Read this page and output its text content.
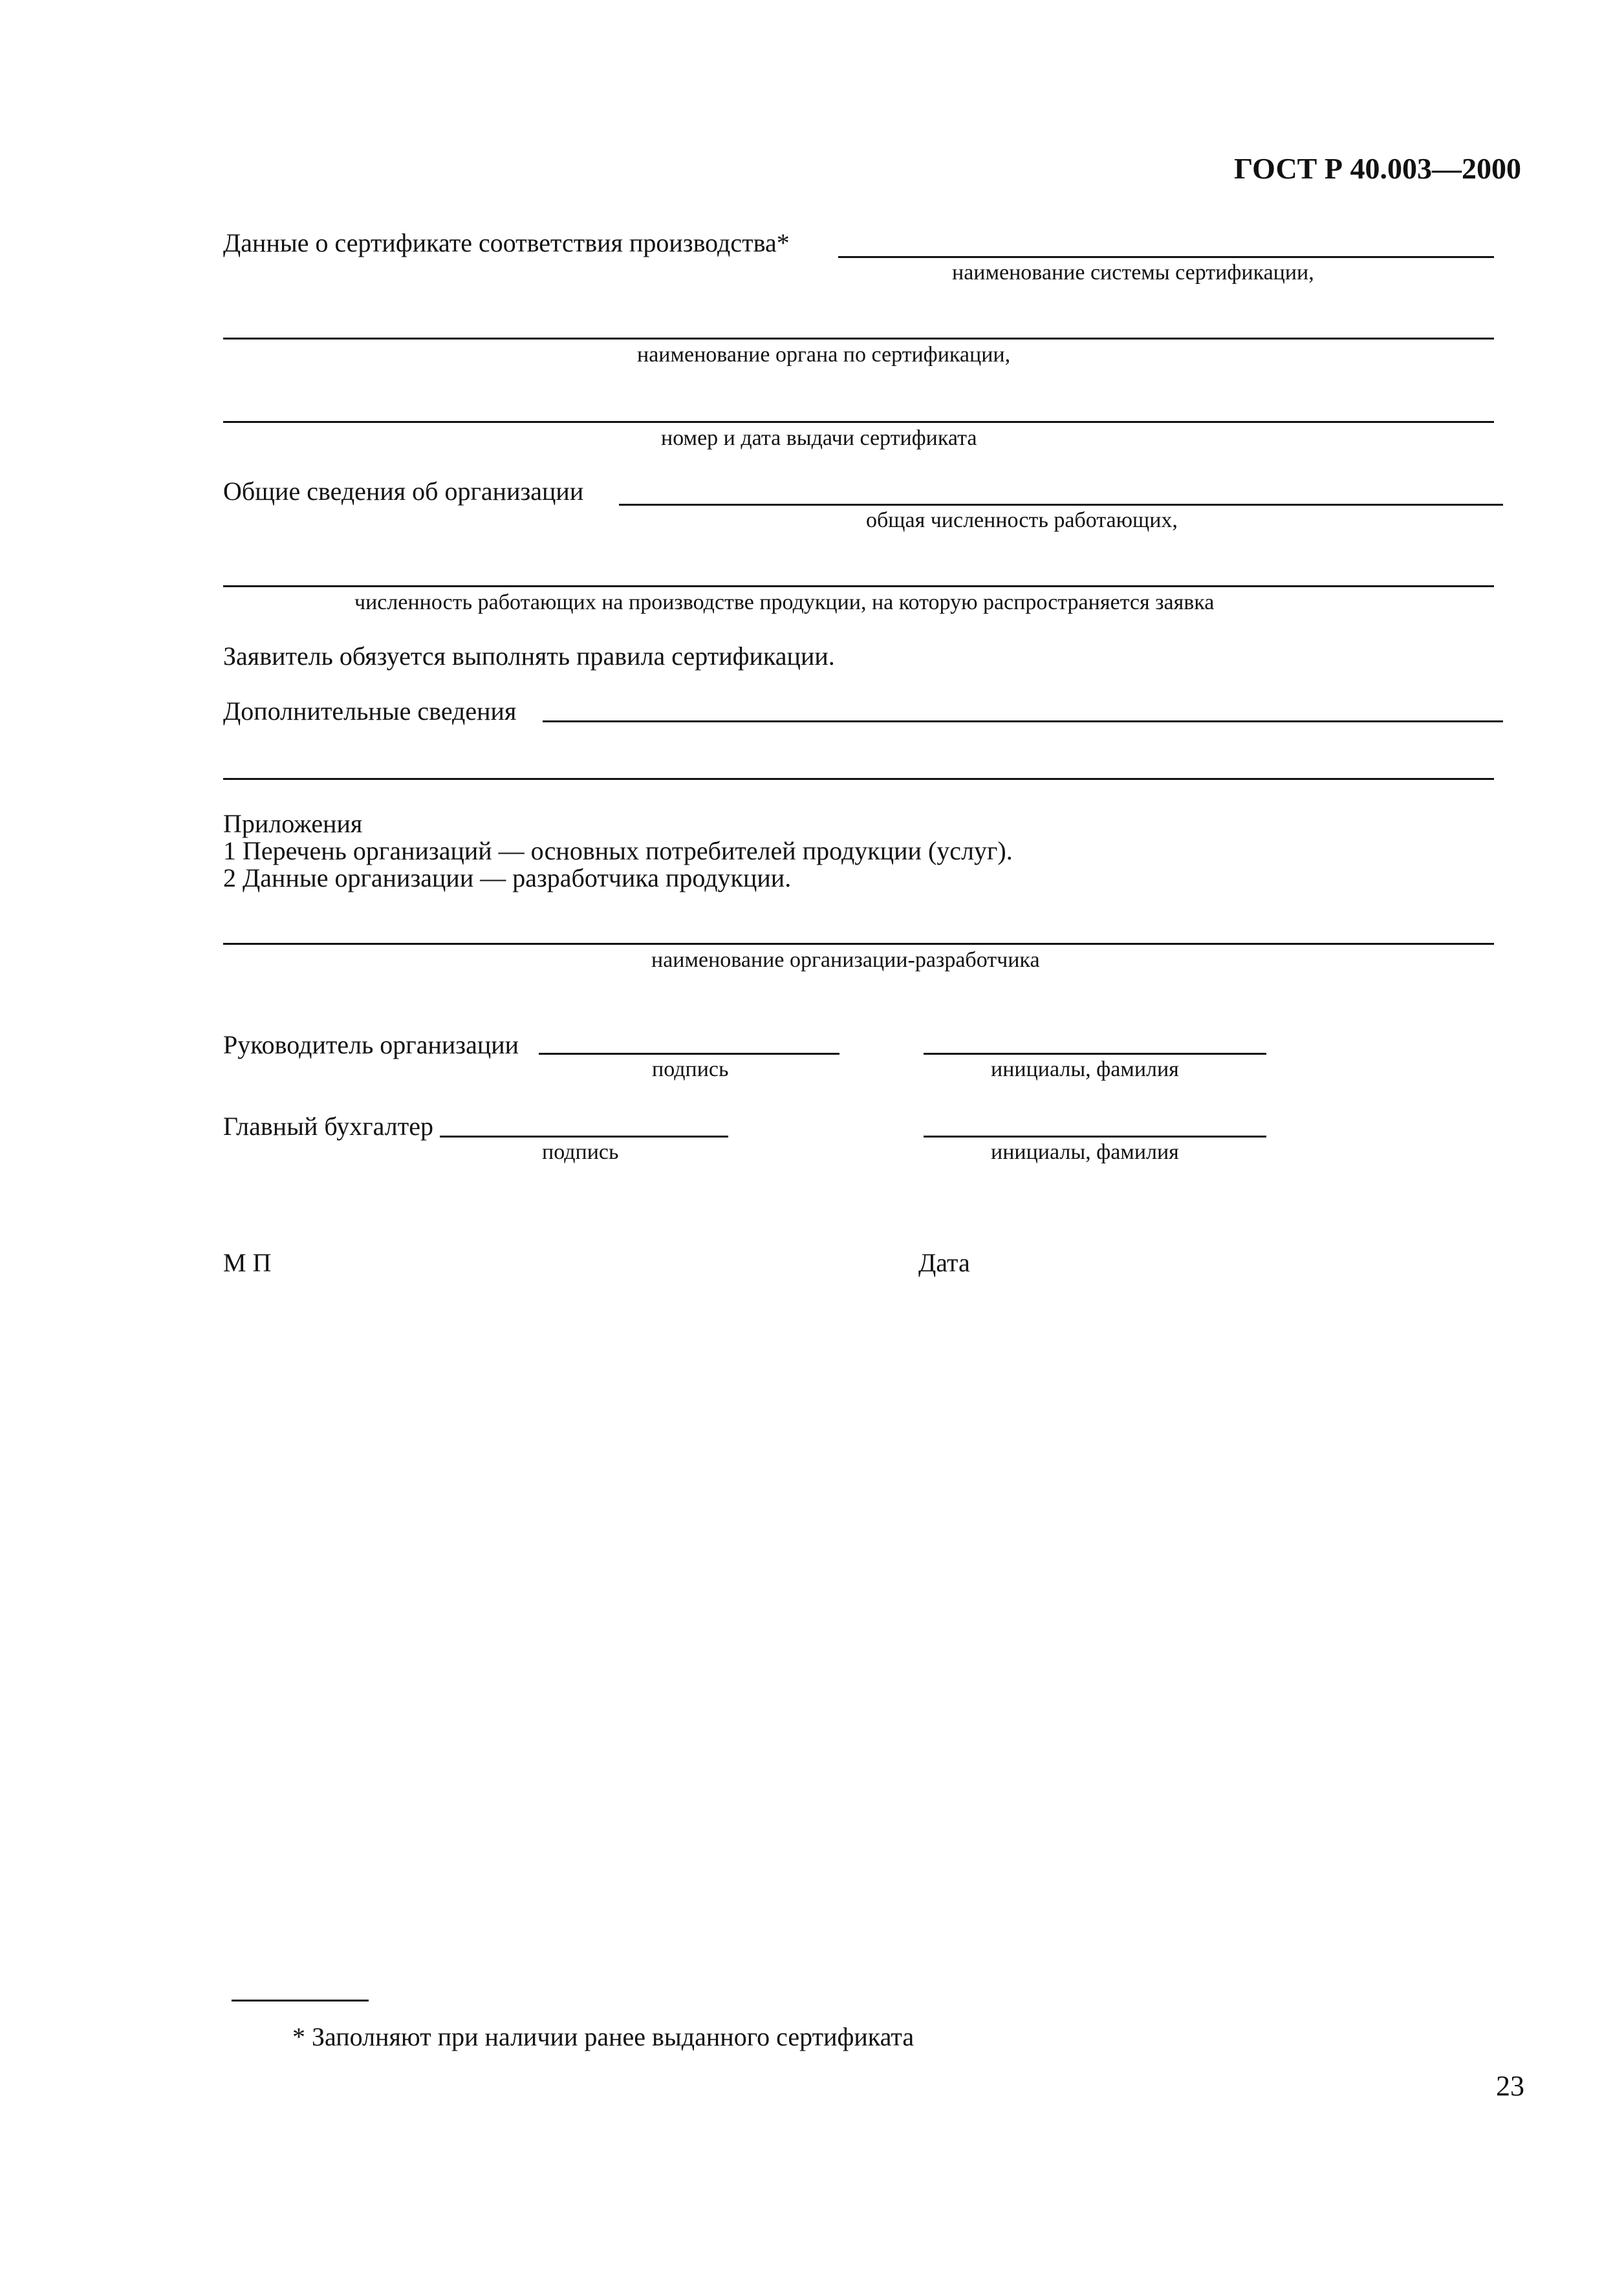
ГОСТ Р 40.003—2000
Данные о сертификате соответствия производства*
наименование системы сертификации,
наименование органа по сертификации,
номер и дата выдачи сертификата
Общие сведения об организации
общая численность работающих,
численность работающих на производстве продукции, на которую распространяется заявка
Заявитель обязуется выполнять правила сертификации.
Дополнительные сведения
Приложения
1 Перечень организаций — основных потребителей продукции (услуг).
2 Данные организации — разработчика продукции.
наименование организации-разработчика
Руководитель организации
подпись	инициалы, фамилия
Главный бухгалтер
подпись	инициалы, фамилия
М П	Дата
* Заполняют при наличии ранее выданного сертификата
23
